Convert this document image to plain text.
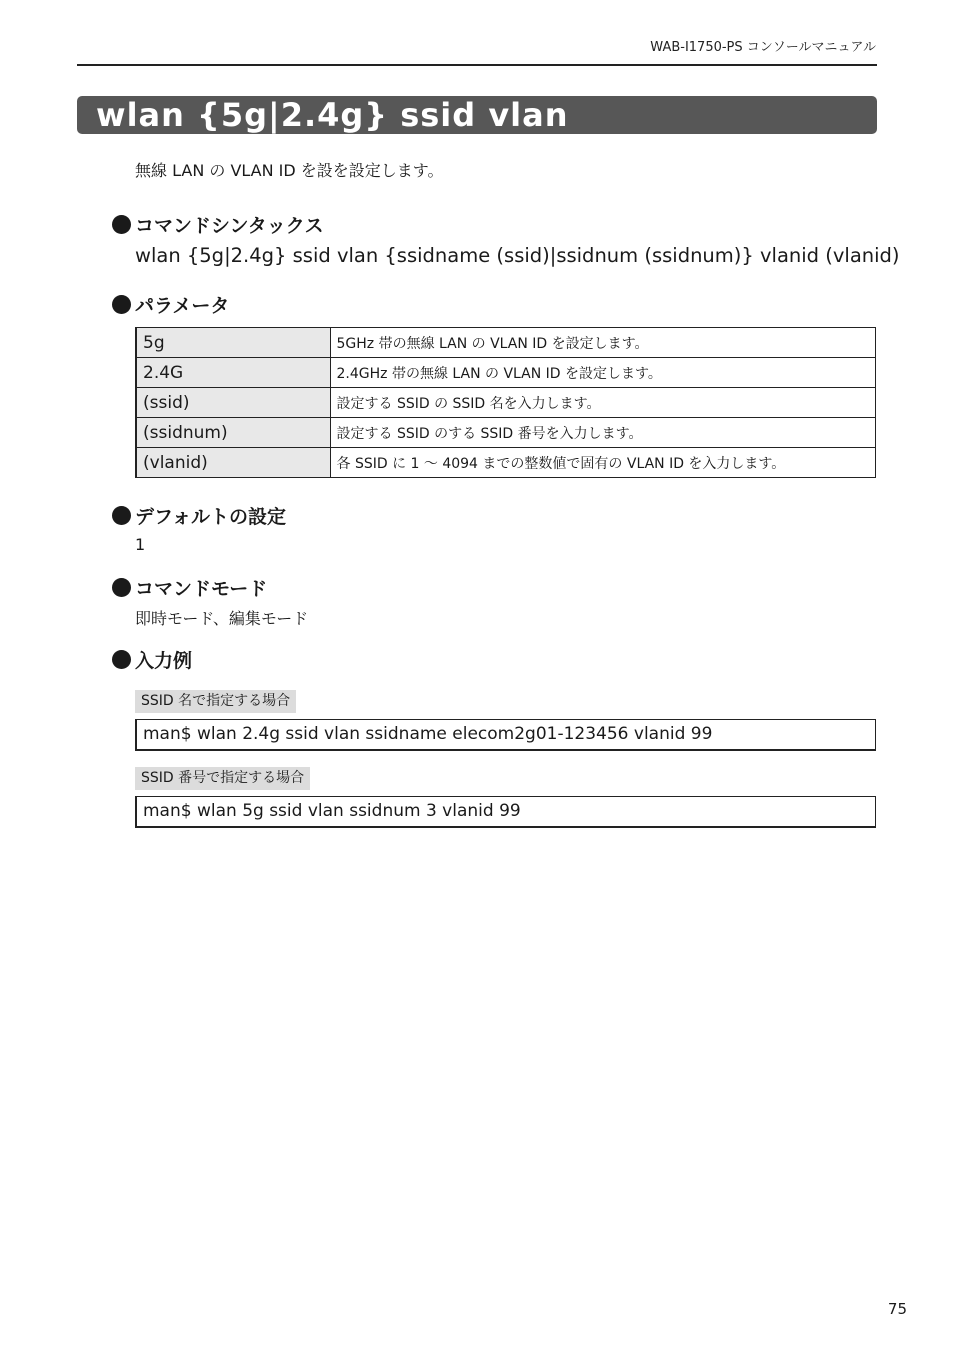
WAB-I1750-PS コンソールマニュアル
wlan {5g|2.4g} ssid vlan
無線 LAN の VLAN ID を設を設定します。
コマンドシンタックス
wlan {5g|2.4g} ssid vlan {ssidname (ssid)|ssidnum (ssidnum)} vlanid (vlanid)
パラメータ
5g	5GHz 帯の無線 LAN の VLAN ID を設定します。
2.4G	2.4GHz 帯の無線 LAN の VLAN ID を設定します。
(ssid)	設定する SSID の SSID 名を入力します。
(ssidnum)	設定する SSID のする SSID 番号を入力します。
(vlanid)	各 SSID に 1 〜 4094 までの整数値で固有の VLAN ID を入力します。
デフォルトの設定
1
コマンドモード
即時モード、編集モード
入力例
SSID 名で指定する場合
man$ wlan 2.4g ssid vlan ssidname elecom2g01-123456 vlanid 99
SSID 番号で指定する場合
man$ wlan 5g ssid vlan ssidnum 3 vlanid 99
75
